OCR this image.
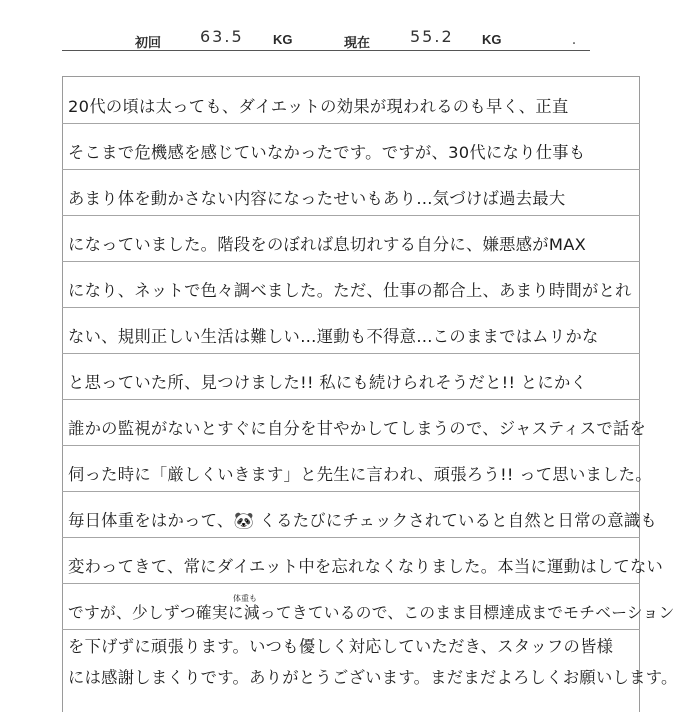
初回 63.5 KG	現在 55.2 KG	・
20代の頃は太っても、ダイエットの効果が現われるのも早く、正直
そこまで危機感を感じていなかったです。ですが、30代になり仕事も
あまり体を動かさない内容になったせいもあり…気づけば過去最大
になっていました。階段をのぼれば息切れする自分に、嫌悪感がMAX
になり、ネットで色々調べました。ただ、仕事の都合上、あまり時間がとれ
ない、規則正しい生活は難しい…運動も不得意…このままではムリかな
と思っていた所、見つけました!! 私にも続けられそうだと!! とにかく
誰かの監視がないとすぐに自分を甘やかしてしまうので、ジャスティスで話を
伺った時に「厳しくいきます」と先生に言われ、頑張ろう!! って思いました。
毎日体重をはかって、🐼 くるたびにチェックされていると自然と日常の意識も
変わってきて、常にダイエット中を忘れなくなりました。本当に運動はしてない
ですが、少しずつ確実に減ってきているので、このまま目標達成までモチベーション
を下げずに頑張ります。いつも優しく対応していただき、スタッフの皆様
には感謝しまくりです。ありがとうございます。まだまだよろしくお願いします。
体重も
